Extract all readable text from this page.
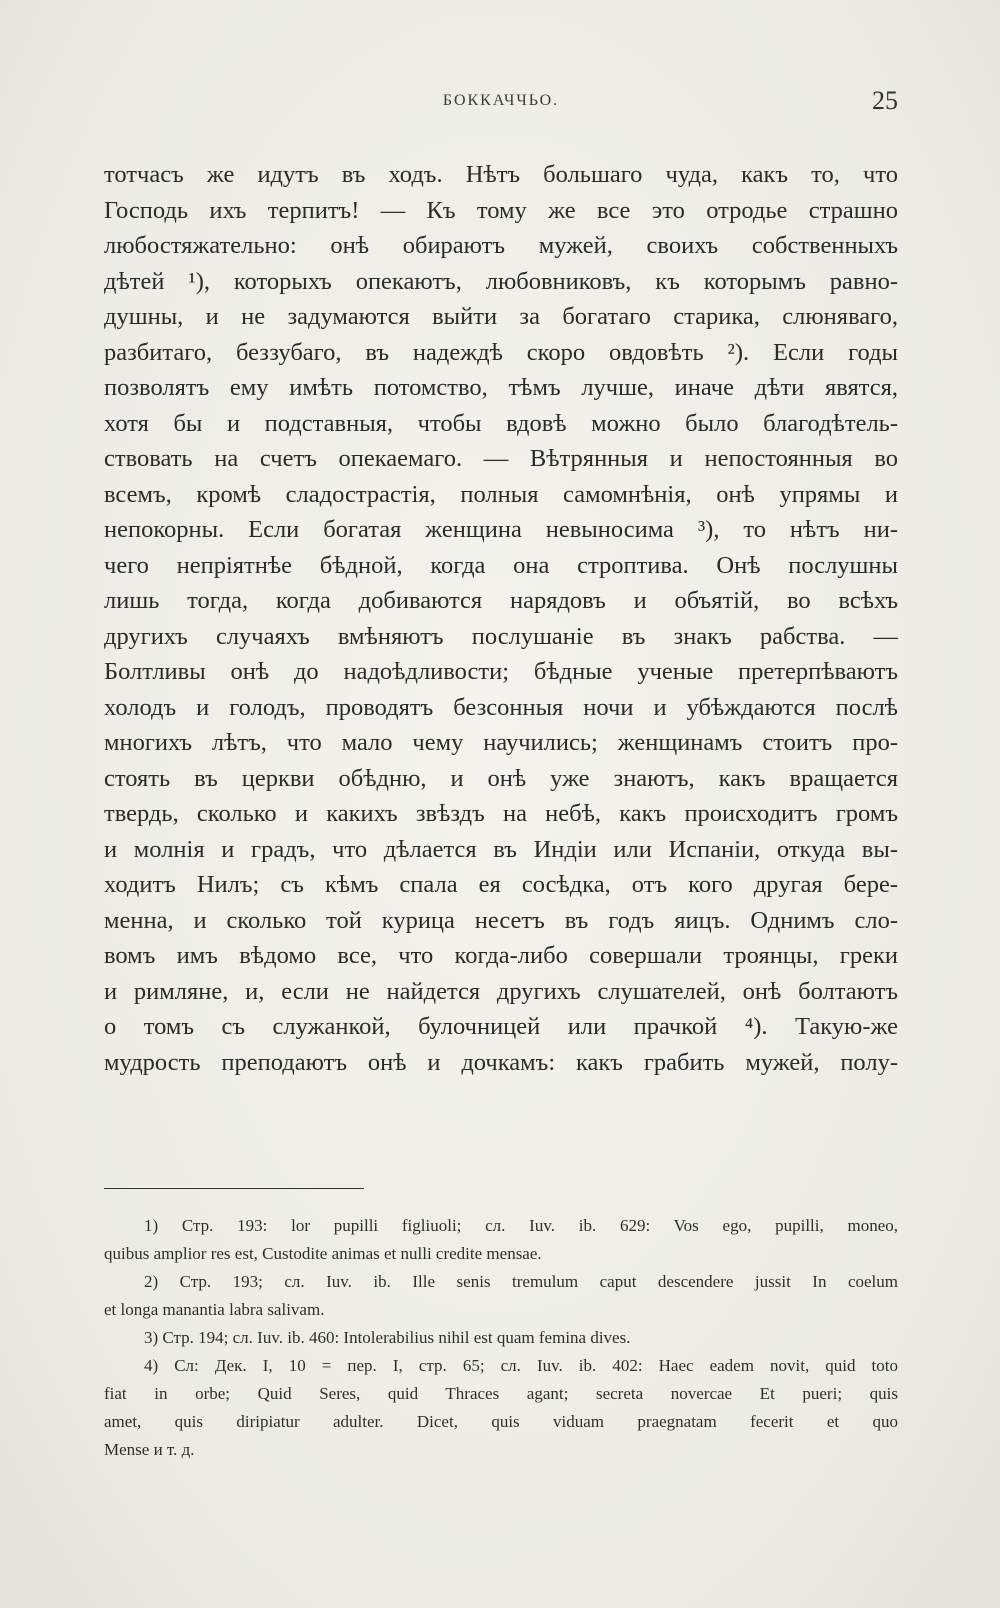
БОККАЧЧЬО.	25
тотчасъ же идутъ въ ходъ. Нѣтъ большаго чуда, какъ то, что
Господь ихъ терпитъ! — Къ тому же все это отродье страшно
любостяжательно: онѣ обираютъ мужей, своихъ собственныхъ
дѣтей ¹), которыхъ опекаютъ, любовниковъ, къ которымъ равно-
душны, и не задумаются выйти за богатаго старика, слюняваго,
разбитаго, беззубаго, въ надеждѣ скоро овдовѣть ²). Если годы
позволятъ ему имѣть потомство, тѣмъ лучше, иначе дѣти явятся,
хотя бы и подставныя, чтобы вдовѣ можно было благодѣтель-
ствовать на счетъ опекаемаго. — Вѣтрянныя и непостоянныя во
всемъ, кромѣ сладострастія, полныя самомнѣнія, онѣ упрямы и
непокорны. Если богатая женщина невыносима ³), то нѣтъ ни-
чего непріятнѣе бѣдной, когда она строптива. Онѣ послушны
лишь тогда, когда добиваются нарядовъ и объятій, во всѣхъ
другихъ случаяхъ вмѣняютъ послушаніе въ знакъ рабства. —
Болтливы онѣ до надоѣдливости; бѣдные ученые претерпѣваютъ
холодъ и голодъ, проводятъ безсонныя ночи и убѣждаются послѣ
многихъ лѣтъ, что мало чему научились; женщинамъ стоитъ про-
стоять въ церкви обѣдню, и онѣ уже знаютъ, какъ вращается
твердь, сколько и какихъ звѣздъ на небѣ, какъ происходитъ громъ
и молнія и градъ, что дѣлается въ Индіи или Испаніи, откуда вы-
ходитъ Нилъ; съ кѣмъ спала ея сосѣдка, отъ кого другая бере-
менна, и сколько той курица несетъ въ годъ яицъ. Однимъ сло-
вомъ имъ вѣдомо все, что когда-либо совершали троянцы, греки
и римляне, и, если не найдется другихъ слушателей, онѣ болтаютъ
о томъ съ служанкой, булочницей или прачкой ⁴). Такую-же
мудрость преподаютъ онѣ и дочкамъ: какъ грабить мужей, полу-
1) Стр. 193: lor pupilli figliuoli; сл. Iuv. ib. 629: Vos ego, pupilli, moneo,
quibus amplior res est, Custodite animas et nulli credite mensae.
2) Стр. 193; сл. Iuv. ib. Ille senis tremulum caput descendere jussit In coelum
et longa manantia labra salivam.
3) Стр. 194; сл. Iuv. ib. 460: Intolerabilius nihil est quam femina dives.
4) Сл: Дек. I, 10 = пер. I, стр. 65; сл. Iuv. ib. 402: Haec eadem novit, quid toto
fiat in orbe; Quid Seres, quid Thraces agant; secreta novercae Et pueri; quis
amet, quis diripiatur adulter. Dicet, quis viduam praegnatam fecerit et quo
Mense и т. д.
